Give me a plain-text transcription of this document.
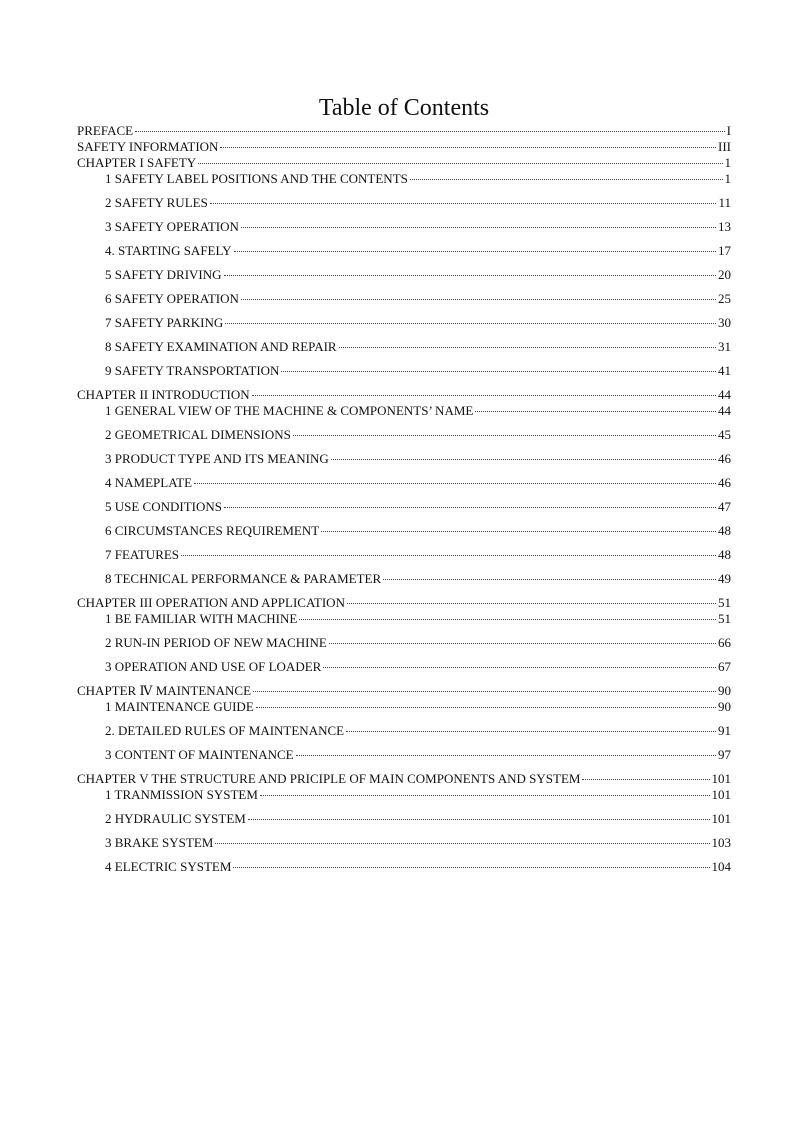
Table of Contents
PREFACE	I
SAFETY INFORMATION	III
CHAPTER I SAFETY	1
1 SAFETY LABEL POSITIONS AND THE CONTENTS	1
2 SAFETY RULES	11
3 SAFETY OPERATION	13
4. STARTING SAFELY	17
5 SAFETY DRIVING	20
6 SAFETY OPERATION	25
7 SAFETY PARKING	30
8 SAFETY EXAMINATION AND REPAIR	31
9 SAFETY TRANSPORTATION	41
CHAPTER II INTRODUCTION	44
1 GENERAL VIEW OF THE MACHINE & COMPONENTS’ NAME	44
2 GEOMETRICAL DIMENSIONS	45
3 PRODUCT TYPE AND ITS MEANING	46
4 NAMEPLATE	46
5 USE CONDITIONS	47
6 CIRCUMSTANCES REQUIREMENT	48
7 FEATURES	48
8 TECHNICAL PERFORMANCE & PARAMETER	49
CHAPTER III OPERATION AND APPLICATION	51
1 BE FAMILIAR WITH MACHINE	51
2 RUN-IN PERIOD OF NEW MACHINE	66
3 OPERATION AND USE OF LOADER	67
CHAPTER Ⅳ MAINTENANCE	90
1 MAINTENANCE GUIDE	90
2. DETAILED RULES OF MAINTENANCE	91
3 CONTENT OF MAINTENANCE	97
CHAPTER V THE STRUCTURE AND PRICIPLE OF MAIN COMPONENTS AND SYSTEM	101
1 TRANMISSION SYSTEM	101
2 HYDRAULIC SYSTEM	101
3 BRAKE SYSTEM	103
4 ELECTRIC SYSTEM	104
